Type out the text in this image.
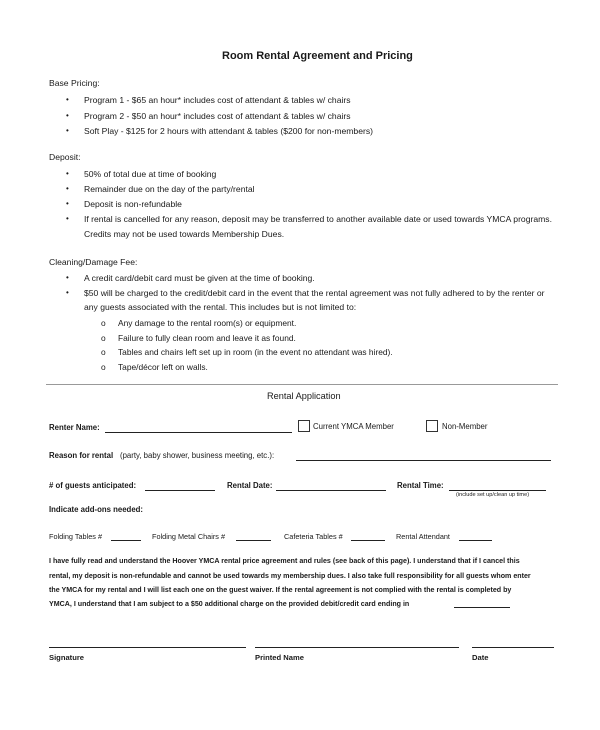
Room Rental Agreement and Pricing
Base Pricing:
• Program 1 - $65 an hour* includes cost of attendant & tables w/ chairs
• Program 2 - $50 an hour* includes cost of attendant & tables w/ chairs
• Soft Play - $125 for 2 hours with attendant & tables ($200 for non-members)
Deposit:
• 50% of total due at time of booking
• Remainder due on the day of the party/rental
• Deposit is non-refundable
• If rental is cancelled for any reason, deposit may be transferred to another available date or used towards YMCA programs.
Credits may not be used towards Membership Dues.
Cleaning/Damage Fee:
• A credit card/debit card must be given at the time of booking.
• $50 will be charged to the credit/debit card in the event that the rental agreement was not fully adhered to by the renter or
any guests associated with the rental. This includes but is not limited to:
o Any damage to the rental room(s) or equipment.
o Failure to fully clean room and leave it as found.
o Tables and chairs left set up in room (in the event no attendant was hired).
o Tape/décor left on walls.
Rental Application
Renter Name:	Current YMCA Member	Non-Member
Reason for rental (party, baby shower, business meeting, etc.):
# of guests anticipated:	Rental Date:	Rental Time:
(include set up/clean up time)
Indicate add-ons needed:
Folding Tables #	Folding Metal Chairs #	Cafeteria Tables #	Rental Attendant
I have fully read and understand the Hoover YMCA rental price agreement and rules (see back of this page). I understand that if I cancel this
rental, my deposit is non-refundable and cannot be used towards my membership dues. I also take full responsibility for all guests whom enter
the YMCA for my rental and I will list each one on the guest waiver. If the rental agreement is not complied with the rental is completed by
YMCA, I understand that I am subject to a $50 additional charge on the provided debit/credit card ending in
Signature	Printed Name	Date
